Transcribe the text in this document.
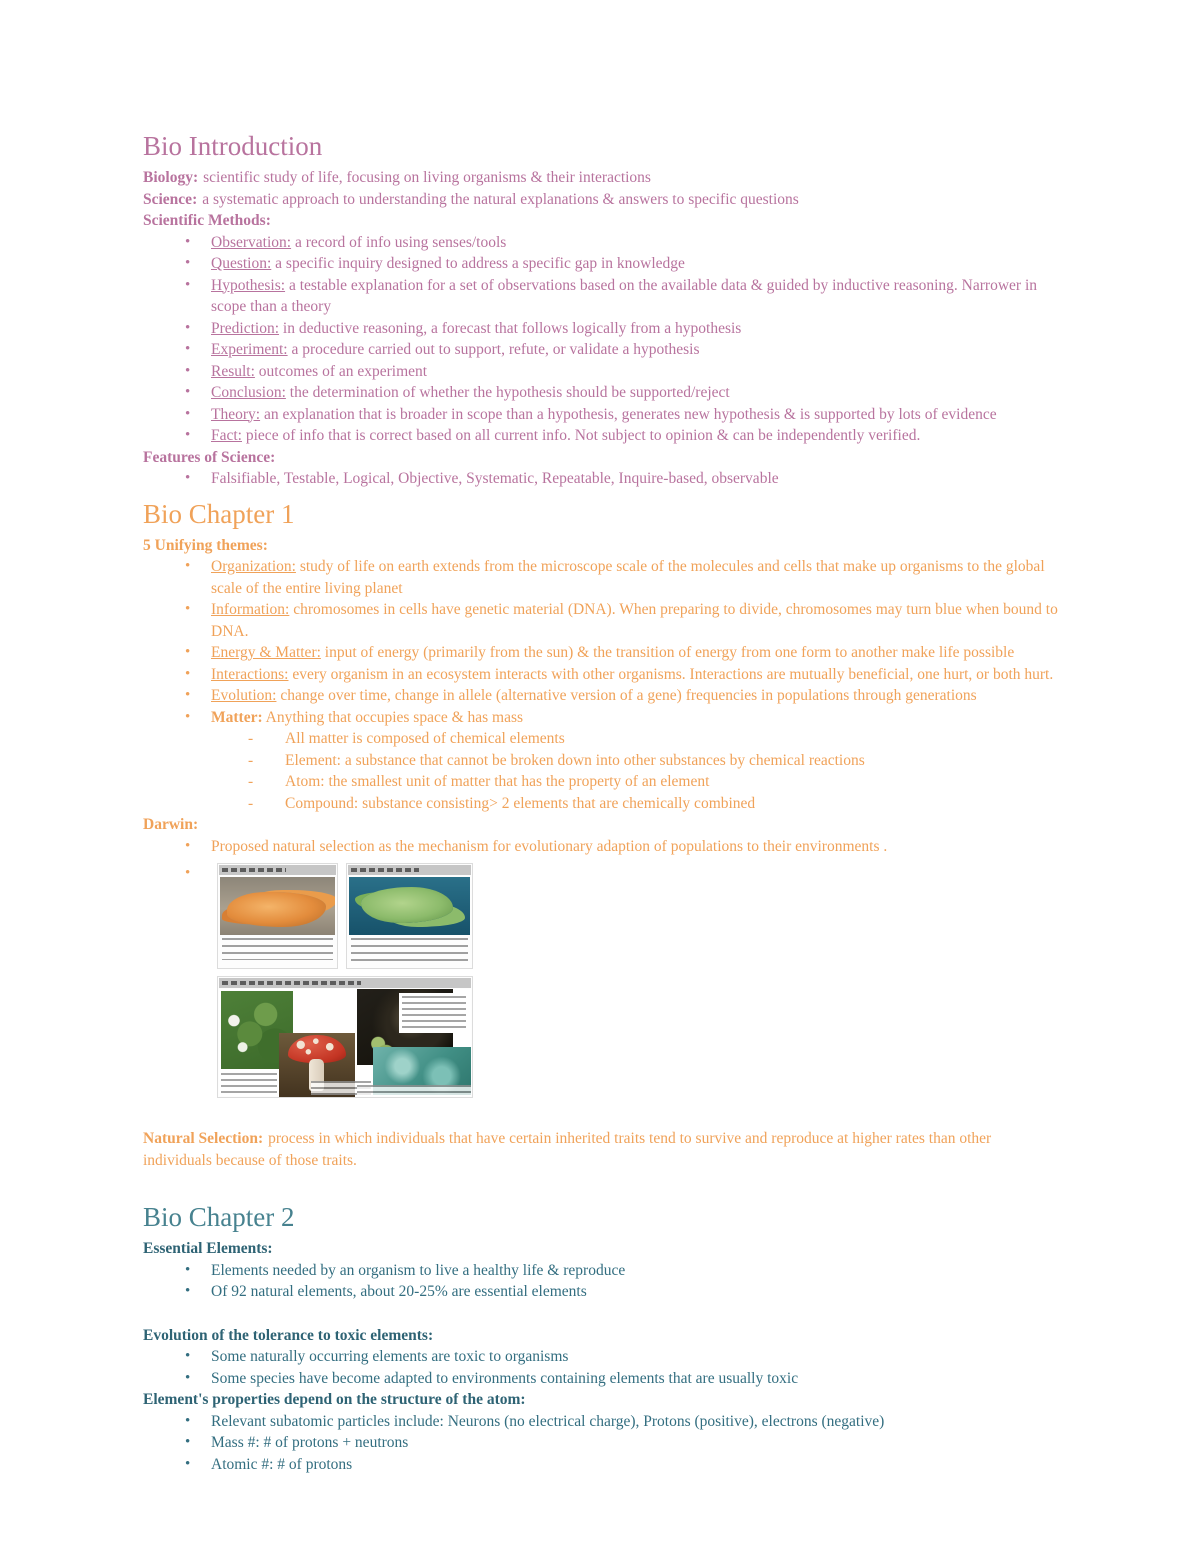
Bio Introduction

Biology: scientific study of life, focusing on living organisms & their interactions

Science: a systematic approach to understanding the natural explanations & answers to specific questions

Scientific Methods:

• Observation: a record of info using senses/tools
• Question: a specific inquiry designed to address a specific gap in knowledge
• Hypothesis: a testable explanation for a set of observations based on the available data & guided by inductive reasoning. Narrower in scope than a theory
• Prediction: in deductive reasoning, a forecast that follows logically from a hypothesis
• Experiment: a procedure carried out to support, refute, or validate a hypothesis
• Result: outcomes of an experiment
• Conclusion: the determination of whether the hypothesis should be supported/reject
• Theory: an explanation that is broader in scope than a hypothesis, generates new hypothesis & is supported by lots of evidence
• Fact: piece of info that is correct based on all current info. Not subject to opinion & can be independently verified.

Features of Science:

• Falsifiable, Testable, Logical, Objective, Systematic, Repeatable, Inquire-based, observable
Bio Chapter 1

5 Unifying themes:

• Organization: study of life on earth extends from the microscope scale of the molecules and cells that make up organisms to the global scale of the entire living planet
• Information: chromosomes in cells have genetic material (DNA). When preparing to divide, chromosomes may turn blue when bound to DNA.
• Energy & Matter: input of energy (primarily from the sun) & the transition of energy from one form to another make life possible
• Interactions: every organism in an ecosystem interacts with other organisms. Interactions are mutually beneficial, one hurt, or both hurt.
• Evolution: change over time, change in allele (alternative version of a gene) frequencies in populations through generations
• Matter: Anything that occupies space & has mass
- All matter is composed of chemical elements
- Element: a substance that cannot be broken down into other substances by chemical reactions
- Atom: the smallest unit of matter that has the property of an element
- Compound: substance consisting> 2 elements that are chemically combined

Darwin:

• Proposed natural selection as the mechanism for evolutionary adaption of populations to their environments .
•

Natural Selection: process in which individuals that have certain inherited traits tend to survive and reproduce at higher rates than other individuals because of those traits.

Bio Chapter 2

Essential Elements:

• Elements needed by an organism to live a healthy life & reproduce
• Of 92 natural elements, about 20-25% are essential elements

Evolution of the tolerance to toxic elements:

• Some naturally occurring elements are toxic to organisms
• Some species have become adapted to environments containing elements that are usually toxic

Element's properties depend on the structure of the atom:

• Relevant subatomic particles include: Neurons (no electrical charge), Protons (positive), electrons (negative)
• Mass #: # of protons + neutrons
• Atomic #: # of protons
